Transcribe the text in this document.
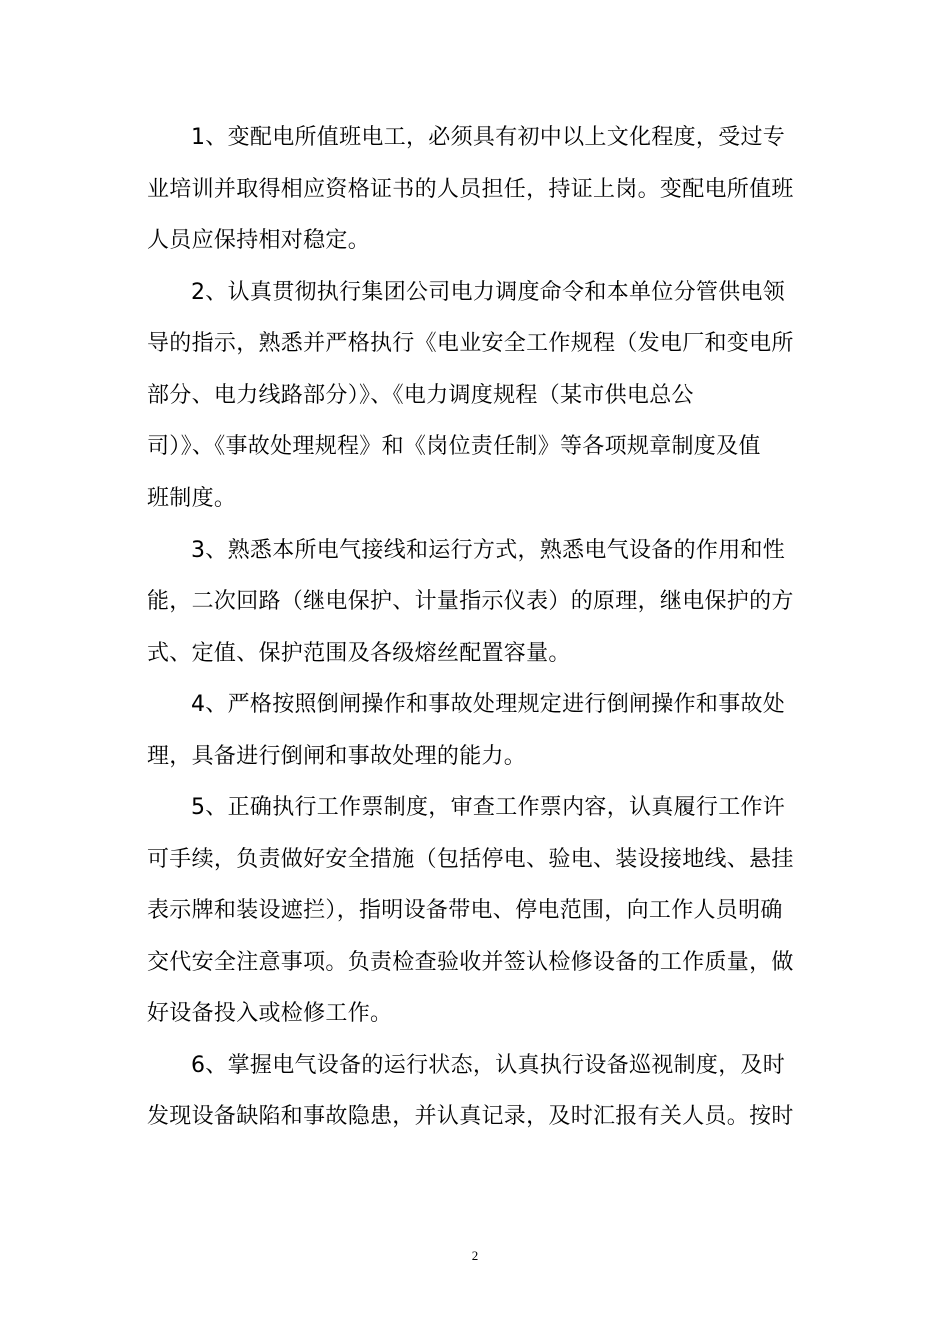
1、变配电所值班电工，必须具有初中以上文化程度，受过专
业培训并取得相应资格证书的人员担任，持证上岗。变配电所值班
人员应保持相对稳定。
2、认真贯彻执行集团公司电力调度命令和本单位分管供电领
导的指示，熟悉并严格执行《电业安全工作规程（发电厂和变电所
部分、电力线路部分）》、《电力调度规程（某市供电总公
司）》、《事故处理规程》和《岗位责任制》等各项规章制度及值
班制度。
3、熟悉本所电气接线和运行方式，熟悉电气设备的作用和性
能，二次回路（继电保护、计量指示仪表）的原理，继电保护的方
式、定值、保护范围及各级熔丝配置容量。
4、严格按照倒闸操作和事故处理规定进行倒闸操作和事故处
理，具备进行倒闸和事故处理的能力。
5、正确执行工作票制度，审查工作票内容，认真履行工作许
可手续，负责做好安全措施（包括停电、验电、装设接地线、悬挂
表示牌和装设遮拦），指明设备带电、停电范围，向工作人员明确
交代安全注意事项。负责检查验收并签认检修设备的工作质量，做
好设备投入或检修工作。
6、掌握电气设备的运行状态，认真执行设备巡视制度，及时
发现设备缺陷和事故隐患，并认真记录，及时汇报有关人员。按时
2
